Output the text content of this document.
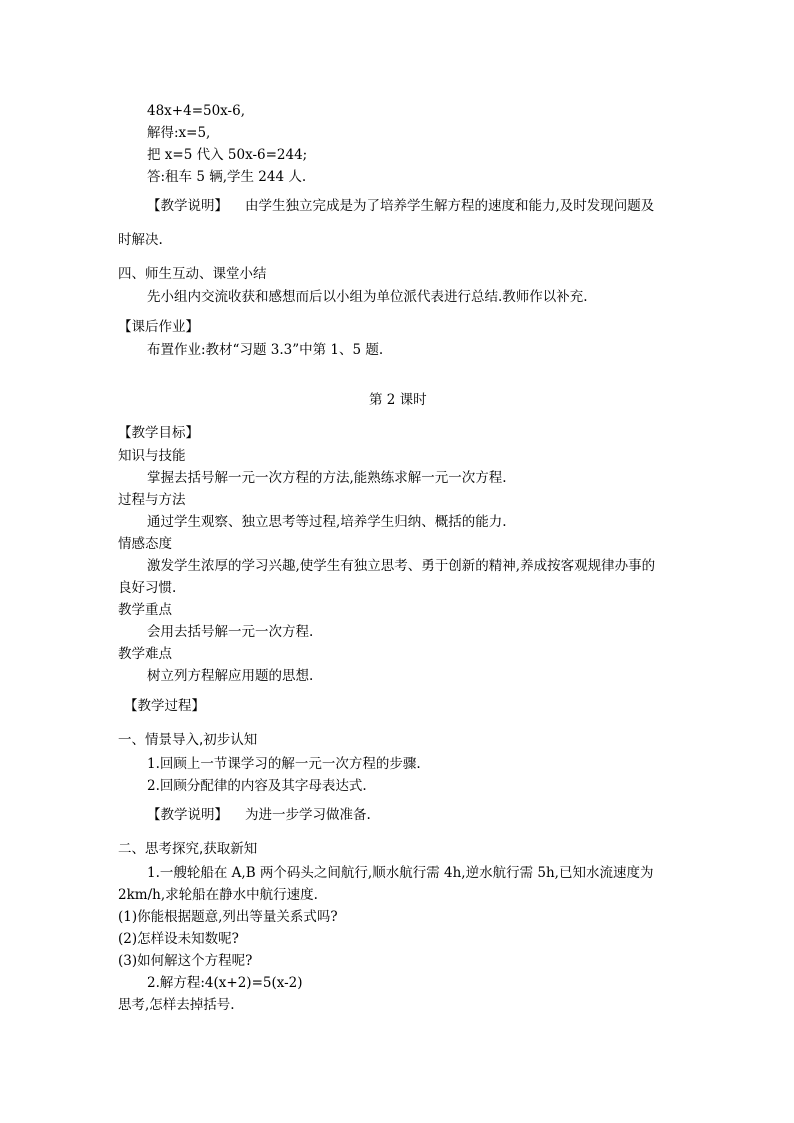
48x+4=50x-6,
解得:x=5,
把 x=5 代入 50x-6=244;
答:租车 5 辆,学生 244 人.
【教学说明】 由学生独立完成是为了培养学生解方程的速度和能力,及时发现问题及
时解决.
四、师生互动、课堂小结
先小组内交流收获和感想而后以小组为单位派代表进行总结.教师作以补充.
【课后作业】
布置作业:教材“习题 3.3”中第 1、5 题.
第 2 课时
【教学目标】
知识与技能
掌握去括号解一元一次方程的方法,能熟练求解一元一次方程.
过程与方法
通过学生观察、独立思考等过程,培养学生归纳、概括的能力.
情感态度
激发学生浓厚的学习兴趣,使学生有独立思考、勇于创新的精神,养成按客观规律办事的
良好习惯.
教学重点
会用去括号解一元一次方程.
教学难点
树立列方程解应用题的思想.
【教学过程】
一、情景导入,初步认知
1.回顾上一节课学习的解一元一次方程的步骤.
2.回顾分配律的内容及其字母表达式.
【教学说明】 为进一步学习做准备.
二、思考探究,获取新知
1.一艘轮船在 A,B 两个码头之间航行,顺水航行需 4h,逆水航行需 5h,已知水流速度为
2km/h,求轮船在静水中航行速度.
(1)你能根据题意,列出等量关系式吗?
(2)怎样设未知数呢?
(3)如何解这个方程呢?
2.解方程:4(x+2)=5(x-2)
思考,怎样去掉括号.
